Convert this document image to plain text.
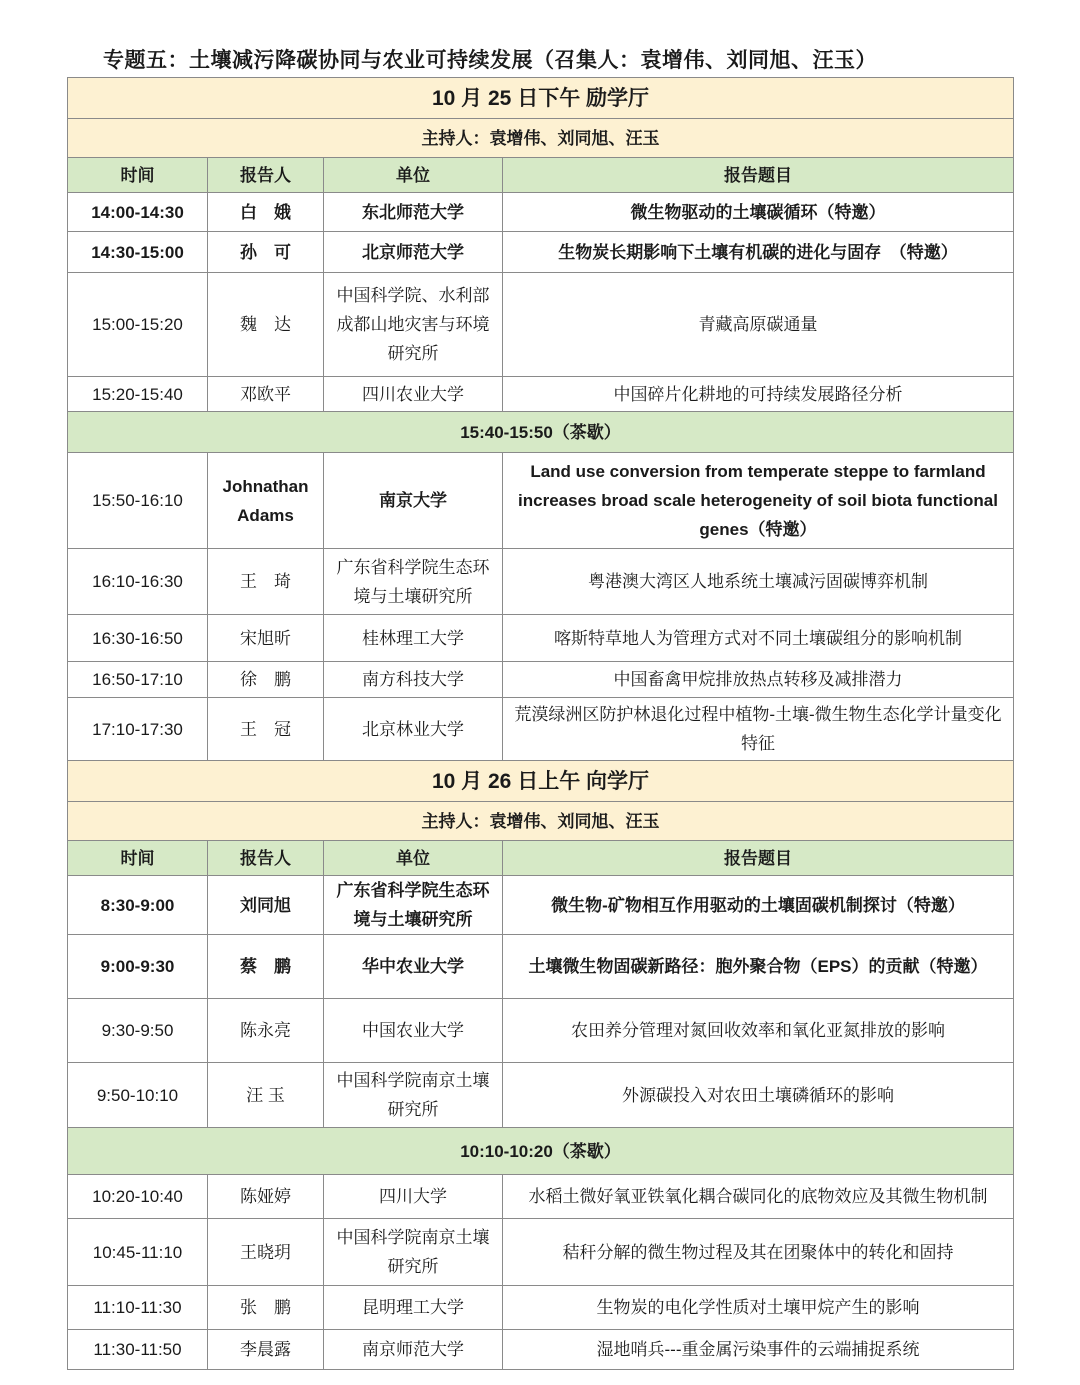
专题五：土壤减污降碳协同与农业可持续发展（召集人：袁增伟、刘同旭、汪玉）
10 月 25 日下午 励学厅			
主持人：袁增伟、刘同旭、汪玉			
时间	报告人	单位	报告题目
14:00-14:30	白　娥	东北师范大学	微生物驱动的土壤碳循环（特邀）
14:30-15:00	孙　可	北京师范大学	生物炭长期影响下土壤有机碳的进化与固存　（特邀）
15:00-15:20	魏　达	中国科学院、水利部成都山地灾害与环境研究所	青藏高原碳通量
15:20-15:40	邓欧平	四川农业大学	中国碎片化耕地的可持续发展路径分析
15:40-15:50（茶歇）			
15:50-16:10	Johnathan Adams	南京大学	Land use conversion from temperate steppe to farmland increases broad scale heterogeneity of soil biota functional genes（特邀）
16:10-16:30	王　琦	广东省科学院生态环境与土壤研究所	粤港澳大湾区人地系统土壤减污固碳博弈机制
16:30-16:50	宋旭昕	桂林理工大学	喀斯特草地人为管理方式对不同土壤碳组分的影响机制
16:50-17:10	徐　鹏	南方科技大学	中国畜禽甲烷排放热点转移及减排潜力
17:10-17:30	王　冠	北京林业大学	荒漠绿洲区防护林退化过程中植物-土壤-微生物生态化学计量变化特征
10 月 26 日上午 向学厅			
主持人：袁增伟、刘同旭、汪玉			
时间	报告人	单位	报告题目
8:30-9:00	刘同旭	广东省科学院生态环境与土壤研究所	微生物-矿物相互作用驱动的土壤固碳机制探讨（特邀）
9:00-9:30	蔡　鹏	华中农业大学	土壤微生物固碳新路径：胞外聚合物（EPS）的贡献（特邀）
9:30-9:50	陈永亮	中国农业大学	农田养分管理对氮回收效率和氧化亚氮排放的影响
9:50-10:10	汪 玉	中国科学院南京土壤研究所	外源碳投入对农田土壤磷循环的影响
10:10-10:20（茶歇）			
10:20-10:40	陈娅婷	四川大学	水稻土微好氧亚铁氧化耦合碳同化的底物效应及其微生物机制
10:45-11:10	王晓玥	中国科学院南京土壤研究所	秸秆分解的微生物过程及其在团聚体中的转化和固持
11:10-11:30	张　鹏	昆明理工大学	生物炭的电化学性质对土壤甲烷产生的影响
11:30-11:50	李晨露	南京师范大学	湿地哨兵---重金属污染事件的云端捕捉系统
